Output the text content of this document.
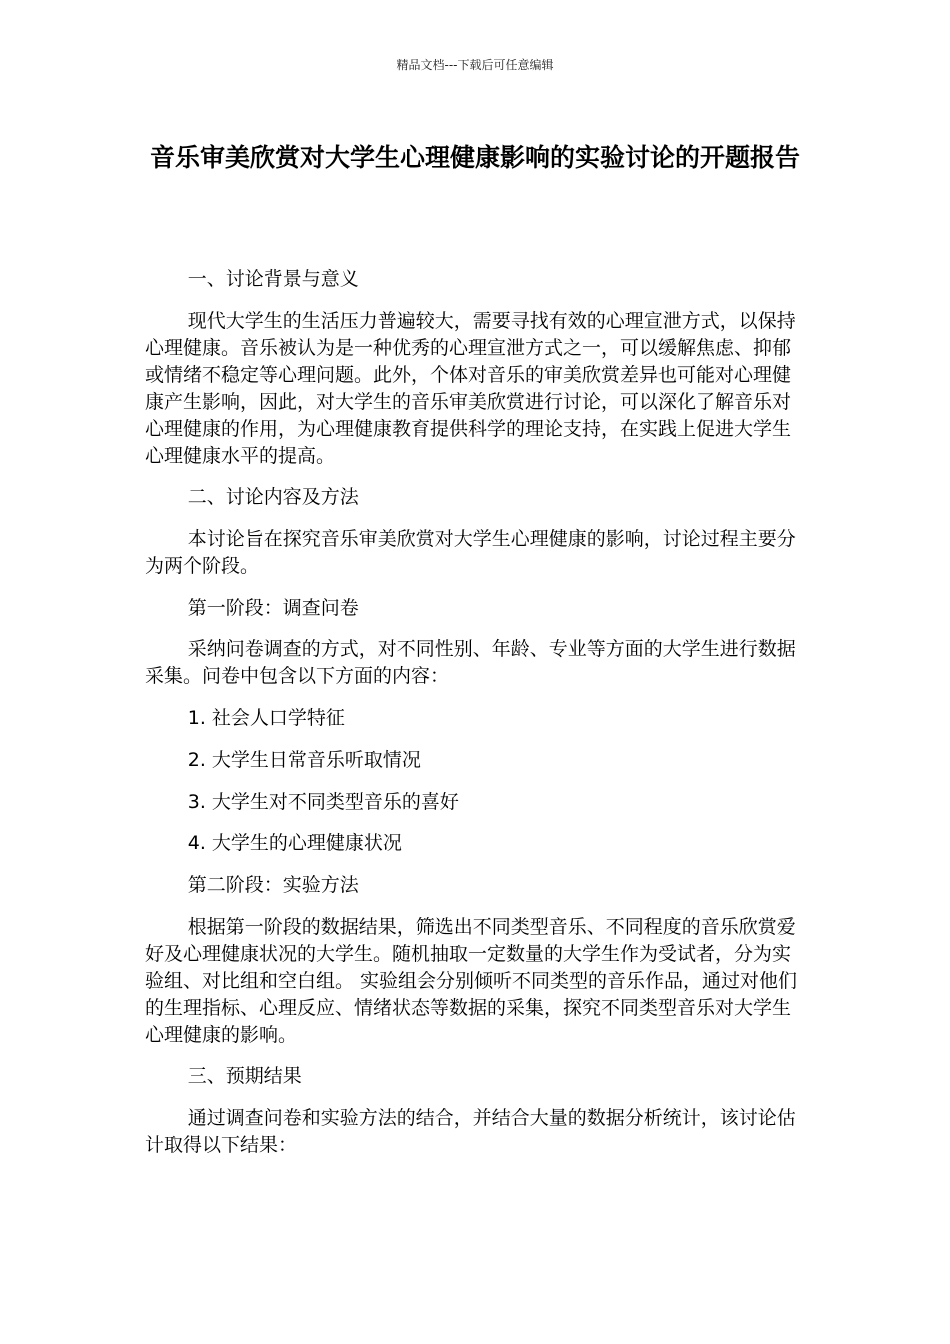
精品文档---下载后可任意编辑
音乐审美欣赏对大学生心理健康影响的实验讨论的开题报告

一、讨论背景与意义

现代大学生的生活压力普遍较大，需要寻找有效的心理宣泄方式，以保持心理健康。音乐被认为是一种优秀的心理宣泄方式之一，可以缓解焦虑、抑郁或情绪不稳定等心理问题。此外，个体对音乐的审美欣赏差异也可能对心理健康产生影响，因此，对大学生的音乐审美欣赏进行讨论，可以深化了解音乐对心理健康的作用，为心理健康教育提供科学的理论支持，在实践上促进大学生心理健康水平的提高。

二、讨论内容及方法

本讨论旨在探究音乐审美欣赏对大学生心理健康的影响，讨论过程主要分为两个阶段。

第一阶段：调查问卷

采纳问卷调查的方式，对不同性别、年龄、专业等方面的大学生进行数据采集。问卷中包含以下方面的内容：

1. 社会人口学特征

2. 大学生日常音乐听取情况

3. 大学生对不同类型音乐的喜好

4. 大学生的心理健康状况

第二阶段：实验方法

根据第一阶段的数据结果，筛选出不同类型音乐、不同程度的音乐欣赏爱好及心理健康状况的大学生。随机抽取一定数量的大学生作为受试者，分为实验组、对比组和空白组。 实验组会分别倾听不同类型的音乐作品，通过对他们的生理指标、心理反应、情绪状态等数据的采集，探究不同类型音乐对大学生心理健康的影响。

三、预期结果

通过调查问卷和实验方法的结合，并结合大量的数据分析统计，该讨论估计取得以下结果：
